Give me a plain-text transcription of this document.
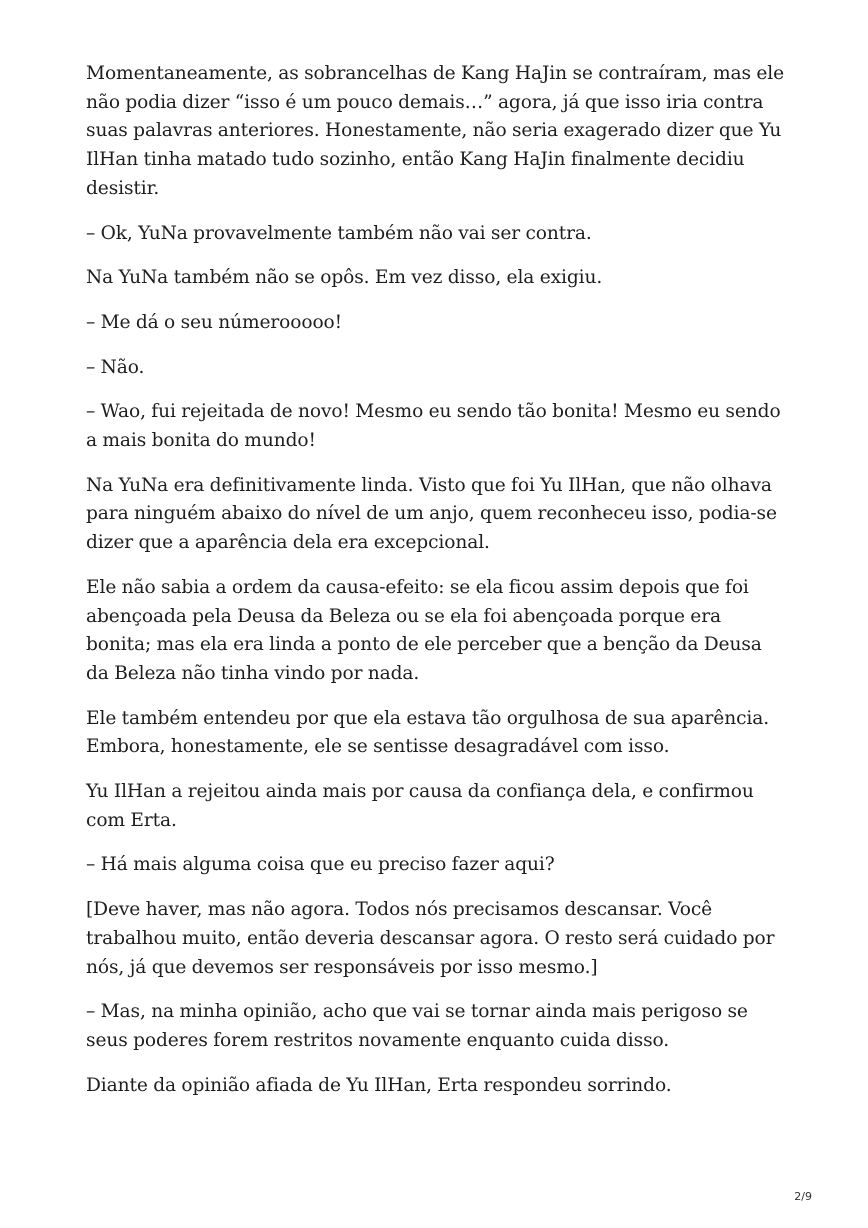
Momentaneamente, as sobrancelhas de Kang HaJin se contraíram, mas ele não podia dizer “isso é um pouco demais…” agora, já que isso iria contra suas palavras anteriores. Honestamente, não seria exagerado dizer que Yu IlHan tinha matado tudo sozinho, então Kang HaJin finalmente decidiu desistir.

– Ok, YuNa provavelmente também não vai ser contra.

Na YuNa também não se opôs. Em vez disso, ela exigiu.

– Me dá o seu númerooooo!

– Não.

– Wao, fui rejeitada de novo! Mesmo eu sendo tão bonita! Mesmo eu sendo a mais bonita do mundo!

Na YuNa era definitivamente linda. Visto que foi Yu IlHan, que não olhava para ninguém abaixo do nível de um anjo, quem reconheceu isso, podia-se dizer que a aparência dela era excepcional.

Ele não sabia a ordem da causa-efeito: se ela ficou assim depois que foi abençoada pela Deusa da Beleza ou se ela foi abençoada porque era bonita; mas ela era linda a ponto de ele perceber que a benção da Deusa da Beleza não tinha vindo por nada.

Ele também entendeu por que ela estava tão orgulhosa de sua aparência. Embora, honestamente, ele se sentisse desagradável com isso.

Yu IlHan a rejeitou ainda mais por causa da confiança dela, e confirmou com Erta.

– Há mais alguma coisa que eu preciso fazer aqui?

[Deve haver, mas não agora. Todos nós precisamos descansar. Você trabalhou muito, então deveria descansar agora. O resto será cuidado por nós, já que devemos ser responsáveis por isso mesmo.]

– Mas, na minha opinião, acho que vai se tornar ainda mais perigoso se seus poderes forem restritos novamente enquanto cuida disso.

Diante da opinião afiada de Yu IlHan, Erta respondeu sorrindo.

2/9
